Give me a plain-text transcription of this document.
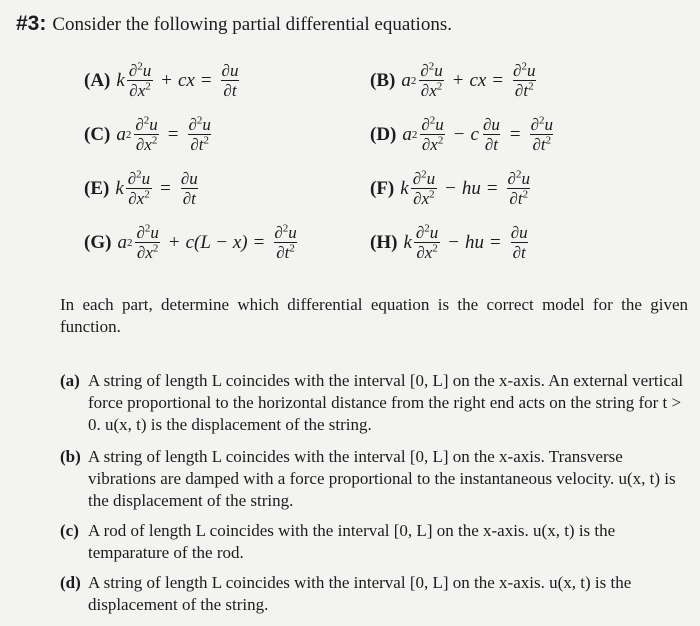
#3: Consider the following partial differential equations.
(A) k $\frac{\partial^2u}{\partial x^2}$ + cx = $\frac{\partial u}{\partial t}$	(B) a $2 \frac{\partial^2u}{\partial x^2}$ + cx = $\frac{\partial^2u}{\partial t^2}$
(C) a $2 \frac{\partial^2u}{\partial x^2} = \frac{\partial^2u}{\partial t^2}$	(D) a $2 \frac{\partial^2u}{\partial x^2} - c \frac{\partial u}{\partial t} = \frac{\partial^2u}{\partial t^2}$
(E) k $\frac{\partial^2u}{\partial x^2} = \frac{\partial u}{\partial t}$	(F) k $\frac{\partial^2u}{\partial x^2}$ − hu = $\frac{\partial^2u}{\partial t^2}$
(G) a $2 \frac{\partial^2u}{\partial x^2} + c(L - x) = \frac{\partial^2u}{\partial t^2}$	(H) k $\frac{\partial^2u}{\partial x^2}$ − hu = $\frac{\partial u}{\partial t}$
In each part, determine which differential equation is the correct model for the given function.
(a) A string of length L coincides with the interval [0, L] on the x-axis. An external vertical force proportional to the horizontal distance from the right end acts on the string for t > 0. u(x, t) is the displacement of the string.
(b) A string of length L coincides with the interval [0, L] on the x-axis. Transverse vibrations are damped with a force proportional to the instantaneous velocity. u(x, t) is the displacement of the string.
(c) A rod of length L coincides with the interval [0, L] on the x-axis. u(x, t) is the temparature of the rod.
(d) A string of length L coincides with the interval [0, L] on the x-axis. u(x, t) is the displacement of the string.
